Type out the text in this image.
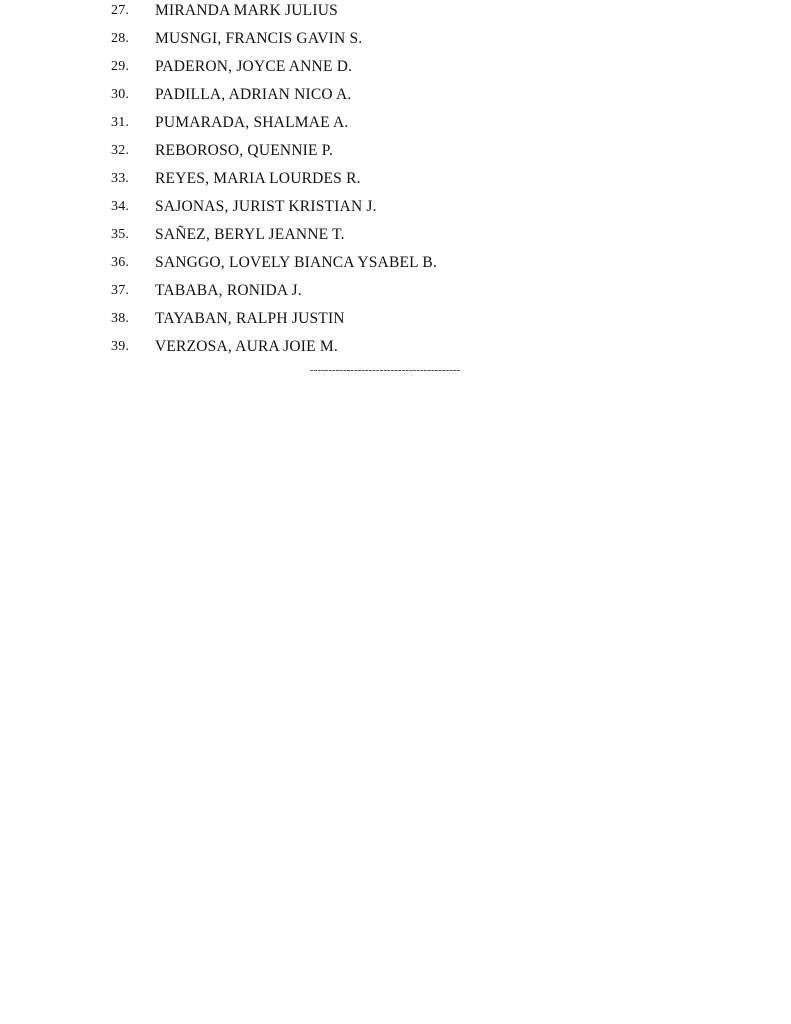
27. MIRANDA MARK JULIUS
28. MUSNGI, FRANCIS GAVIN S.
29. PADERON, JOYCE ANNE D.
30. PADILLA, ADRIAN NICO A.
31. PUMARADA, SHALMAE A.
32. REBOROSO, QUENNIE P.
33. REYES, MARIA LOURDES R.
34. SAJONAS, JURIST KRISTIAN J.
35. SAÑEZ, BERYL JEANNE T.
36. SANGGO, LOVELY BIANCA YSABEL B.
37. TABABA, RONIDA J.
38. TAYABAN, RALPH JUSTIN
39. VERZOSA, AURA JOIE M.
-----------------------------------------
